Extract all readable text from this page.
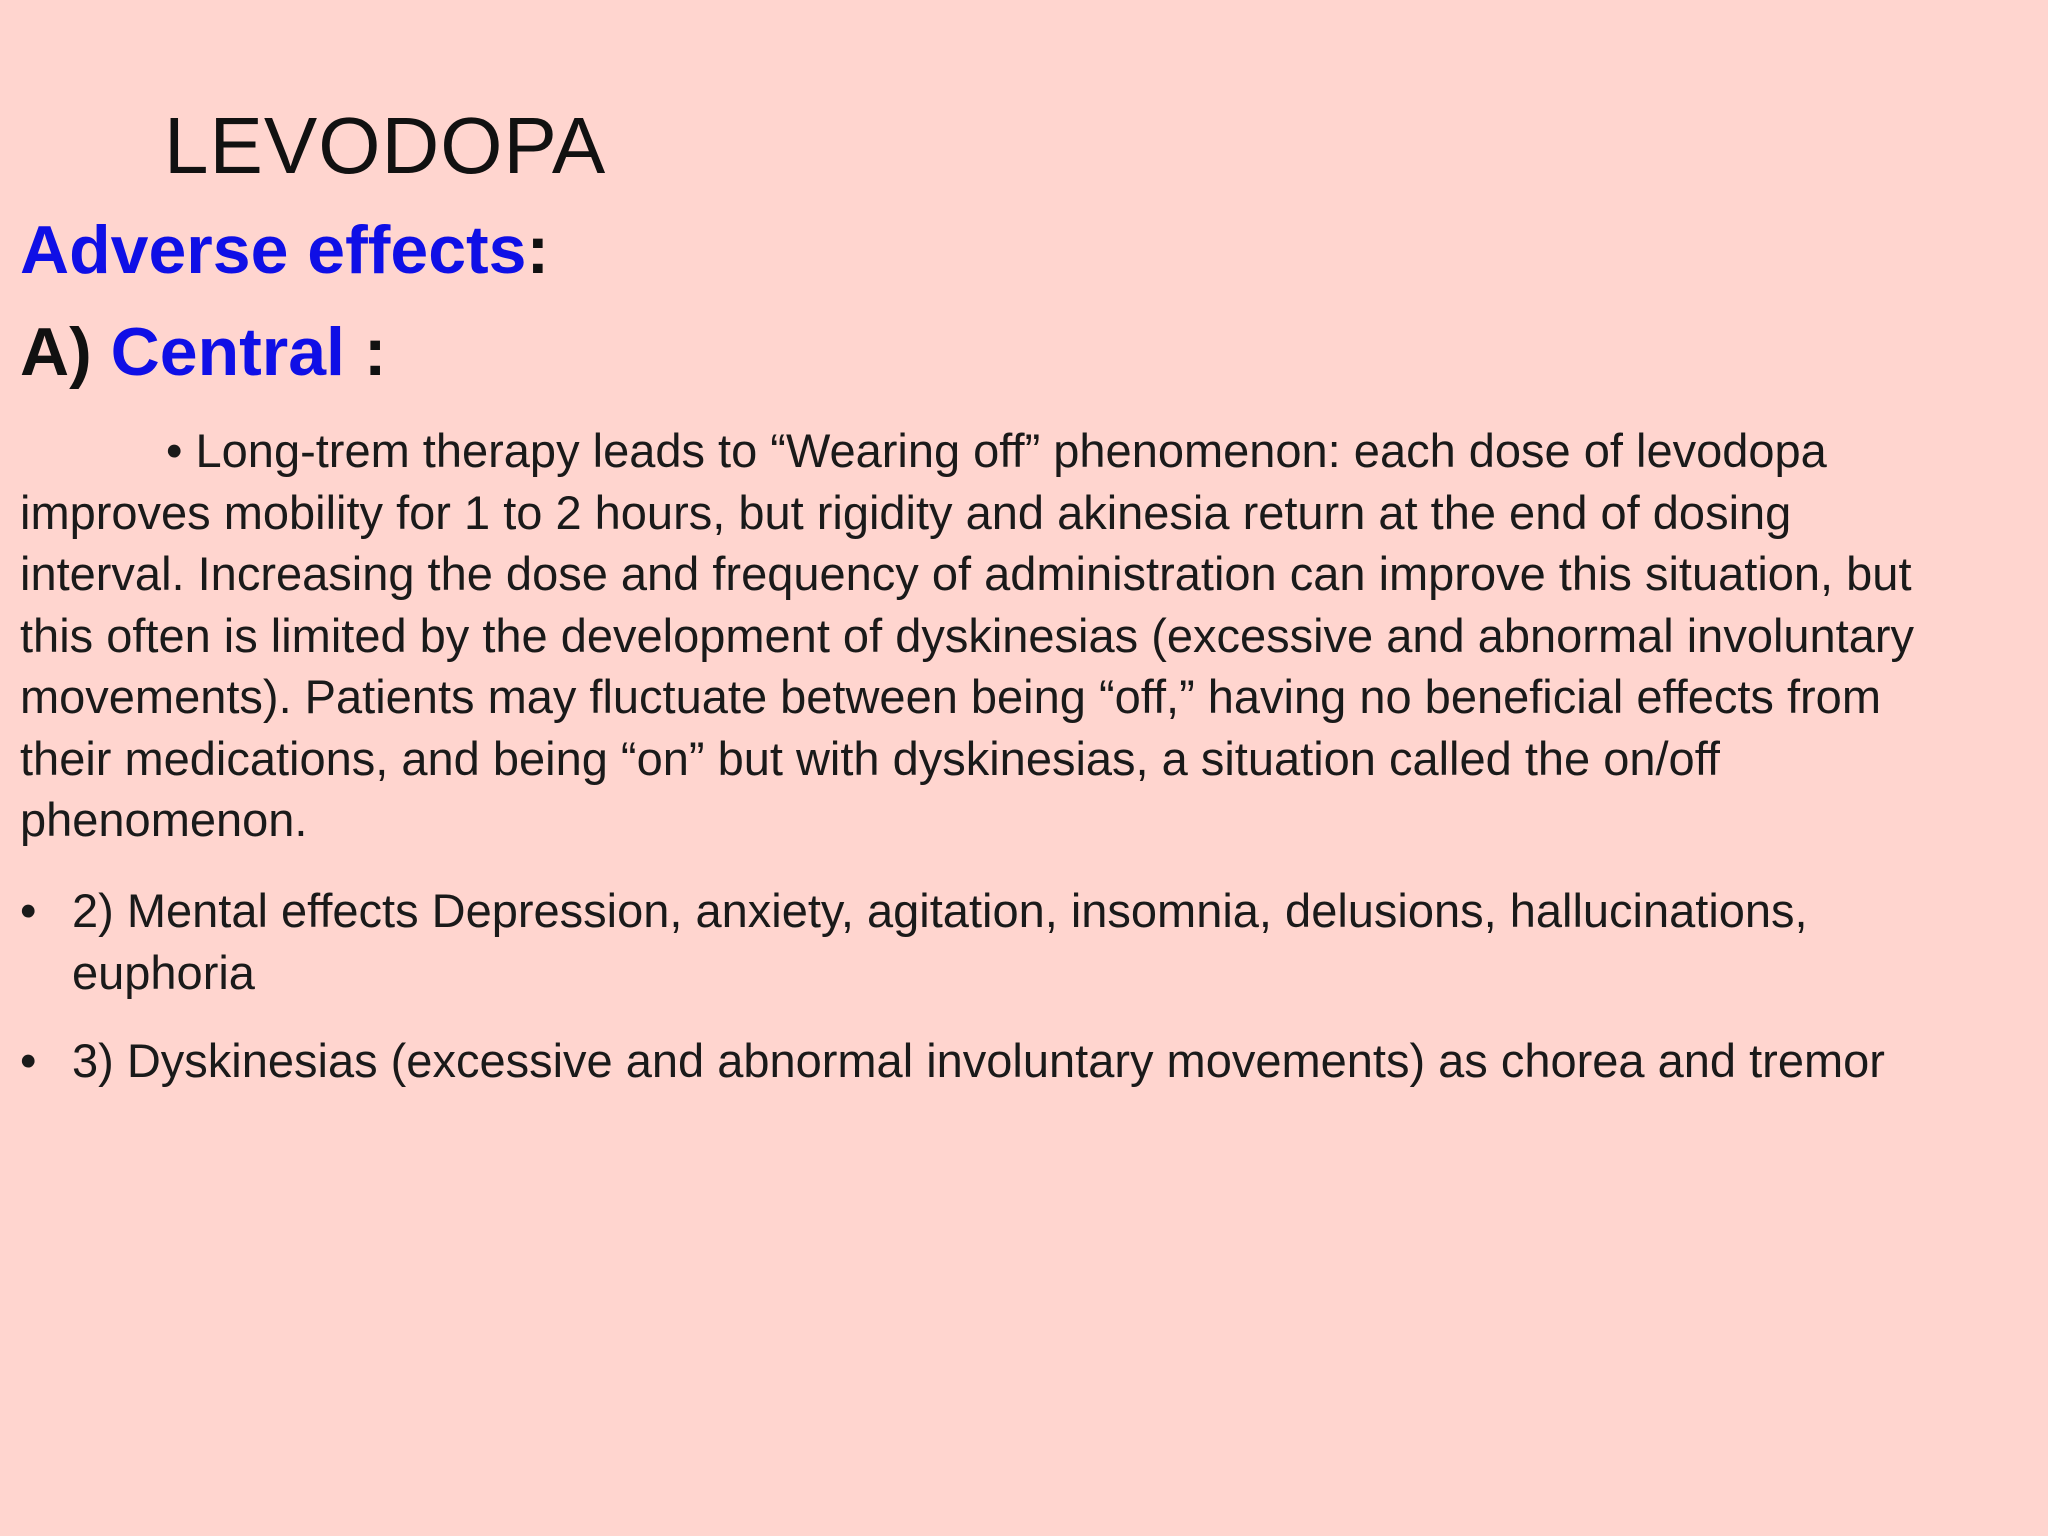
LEVODOPA
Adverse effects:
A) Central :

• Long-trem therapy leads to “Wearing off” phenomenon: each dose of levodopa improves mobility for 1 to 2 hours, but rigidity and akinesia return at the end of dosing interval. Increasing the dose and frequency of administration can improve this situation, but this often is limited by the development of dyskinesias (excessive and abnormal involuntary movements). Patients may fluctuate between being “off,” having no beneficial effects from their medications, and being “on” but with dyskinesias, a situation called the on/off phenomenon.

• 2) Mental effects Depression, anxiety, agitation, insomnia, delusions, hallucinations, euphoria
• 3) Dyskinesias (excessive and abnormal involuntary movements) as chorea and tremor
